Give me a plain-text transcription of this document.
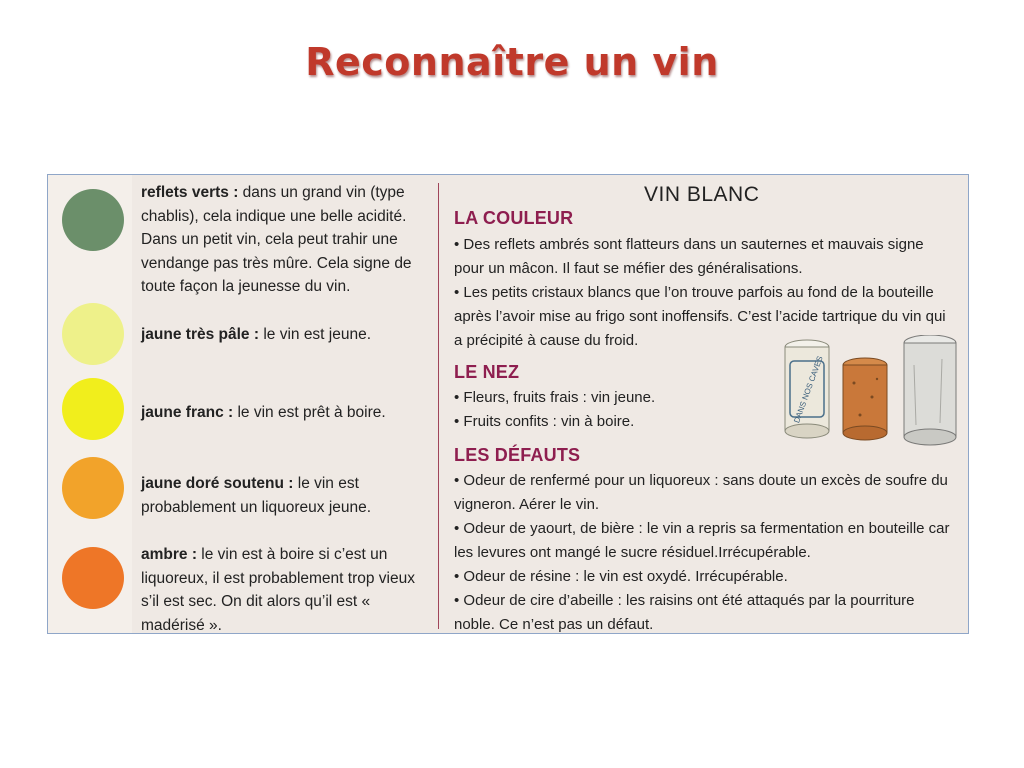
Reconnaître un vin
reflets verts : dans un grand vin (type chablis), cela indique une belle acidité. Dans un petit vin, cela peut trahir une vendange pas très mûre. Cela signe de toute façon la jeunesse du vin.
jaune très pâle : le vin est jeune.
jaune franc : le vin est prêt à boire.
jaune doré soutenu : le vin est probablement un liquoreux jeune.
ambre : le vin est à boire si c’est un liquoreux, il est probablement trop vieux s’il est sec. On dit alors qu’il est « madérisé ».
VIN BLANC
LA COULEUR
• Des reflets ambrés sont flatteurs dans un sauternes et mauvais signe pour un mâcon. Il faut se méfier des généralisations.
• Les petits cristaux blancs que l’on trouve parfois au fond de la bouteille après l’avoir mise au frigo sont inoffensifs. C’est l’acide tartrique du vin qui a précipité à cause du froid.
LE NEZ
• Fleurs, fruits frais : vin jeune.
• Fruits confits : vin à boire.
LES DÉFAUTS
• Odeur de renfermé pour un liquoreux : sans doute un excès de soufre du vigneron. Aérer le vin.
• Odeur de yaourt, de bière : le vin a repris sa fermentation en bouteille car les levures ont mangé le sucre résiduel.Irrécupérable.
• Odeur de résine : le vin est oxydé. Irrécupérable.
• Odeur de cire d’abeille : les raisins ont été attaqués par la pourriture noble. Ce n’est pas un défaut.
DANS NOS CAVES
